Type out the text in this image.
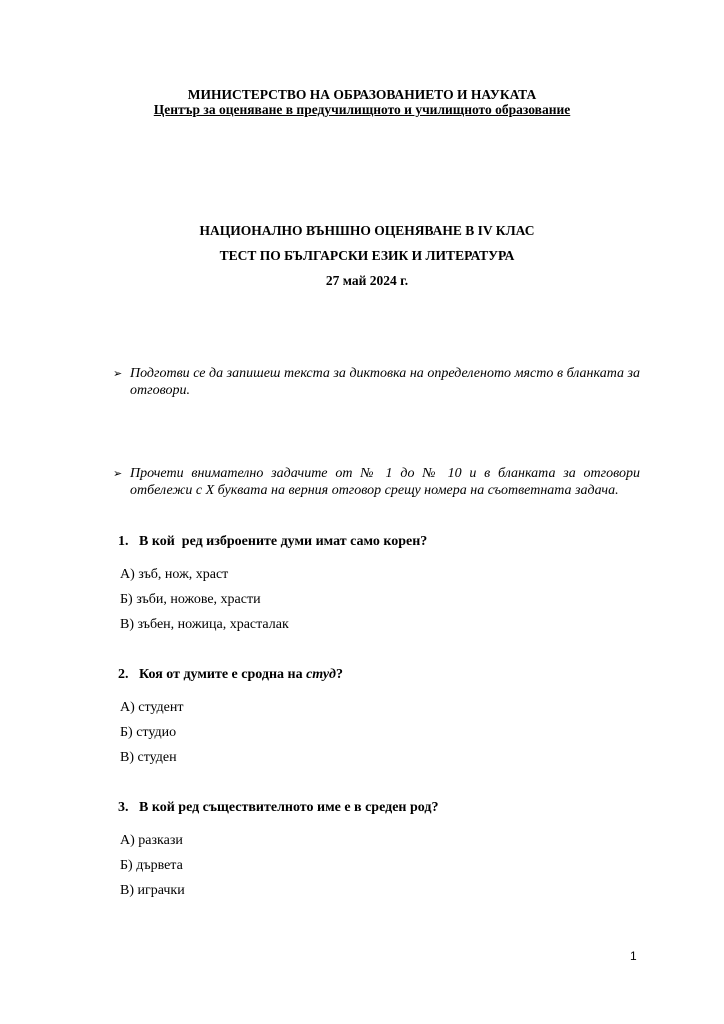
МИНИСТЕРСТВО НА ОБРАЗОВАНИЕТО И НАУКАТА
Център за оценяване в предучилищното и училищното образование
НАЦИОНАЛНО ВЪНШНО ОЦЕНЯВАНЕ В IV КЛАС
ТЕСТ ПО БЪЛГАРСКИ ЕЗИК И ЛИТЕРАТУРА
27 май 2024 г.
➢ Подготви се да запишеш текста за диктовка на определеното място в бланката за отговори.
➢ Прочети внимателно задачите от № 1 до № 10 и в бланката за отговори отбележи с Х буквата на верния отговор срещу номера на съответната задача.
1. В кой  ред изброените думи имат само корен?
А) зъб, нож, храст
Б) зъби, ножове, храсти
В) зъбен, ножица, храсталак
2. Коя от думите е сродна на студ?
А) студент
Б) студио
В) студен
3. В кой ред съществителното име е в среден род?
А) разкази
Б) дървета
В) играчки
1
